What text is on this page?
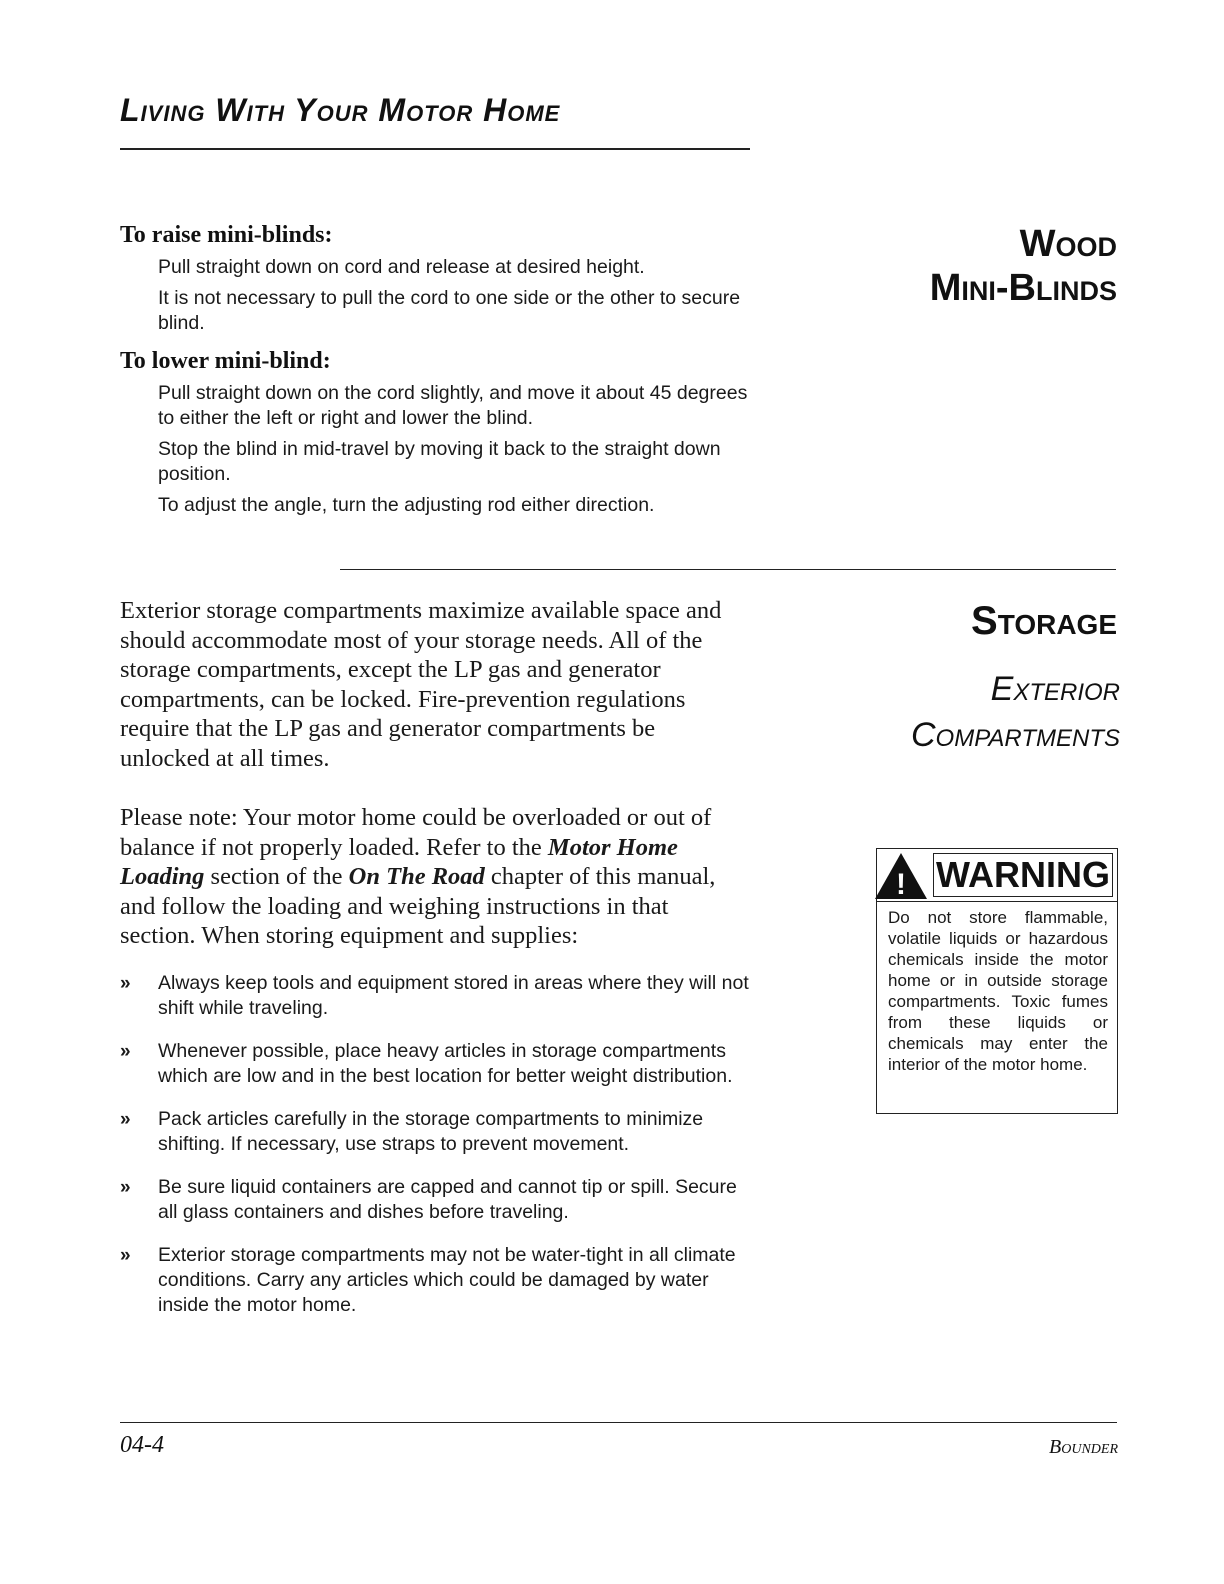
Living With Your Motor Home
Wood
Mini-Blinds
To raise mini-blinds:

Pull straight down on cord and release at desired height.

It is not necessary to pull the cord to one side or the other to secure blind.

To lower mini-blind:

Pull straight down on the cord slightly, and move it about 45 degrees to either the left or right and lower the blind.

Stop the blind in mid-travel by moving it back to the straight down position.

To adjust the angle, turn the adjusting rod either direction.

Storage
Exterior
Compartments

Exterior storage compartments maximize available space and should accommodate most of your storage needs. All of the storage compartments, except the LP gas and generator compartments, can be locked. Fire-prevention regulations require that the LP gas and generator compartments be unlocked at all times.

Please note: Your motor home could be overloaded or out of balance if not properly loaded. Refer to the Motor Home Loading section of the On The Road chapter of this manual, and follow the loading and weighing instructions in that section. When storing equipment and supplies:

»	Always keep tools and equipment stored in areas where they will not shift while traveling.

»	Whenever possible, place heavy articles in storage compartments which are low and in the best location for better weight distribution.

»	Pack articles carefully in the storage compartments to minimize shifting. If necessary, use straps to prevent movement.

»	Be sure liquid containers are capped and cannot tip or spill. Secure all glass containers and dishes before traveling.

»	Exterior storage compartments may not be water-tight in all climate conditions. Carry any articles which could be damaged by water inside the motor home.

! WARNING

Do not store flammable, volatile liquids or hazardous chemicals inside the motor home or in outside storage compartments. Toxic fumes from these liquids or chemicals may enter the interior of the motor home.

04-4	Bounder
